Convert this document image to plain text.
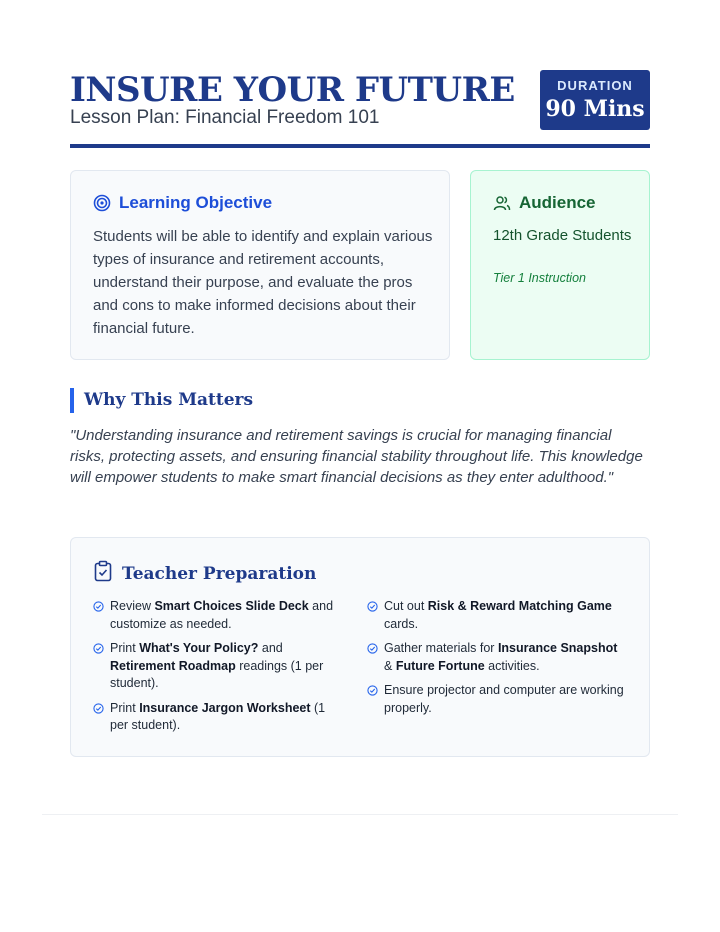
INSURE YOUR FUTURE
Lesson Plan: Financial Freedom 101
DURATION
90 Mins
Learning Objective
Students will be able to identify and explain various types of insurance and retirement accounts, understand their purpose, and evaluate the pros and cons to make informed decisions about their financial future.
Audience
12th Grade Students
Tier 1 Instruction
Why This Matters
"Understanding insurance and retirement savings is crucial for managing financial risks, protecting assets, and ensuring financial stability throughout life. This knowledge will empower students to make smart financial decisions as they enter adulthood."
Teacher Preparation
Review Smart Choices Slide Deck and customize as needed.
Print What's Your Policy? and Retirement Roadmap readings (1 per student).
Print Insurance Jargon Worksheet (1 per student).
Cut out Risk & Reward Matching Game cards.
Gather materials for Insurance Snapshot & Future Fortune activities.
Ensure projector and computer are working properly.
